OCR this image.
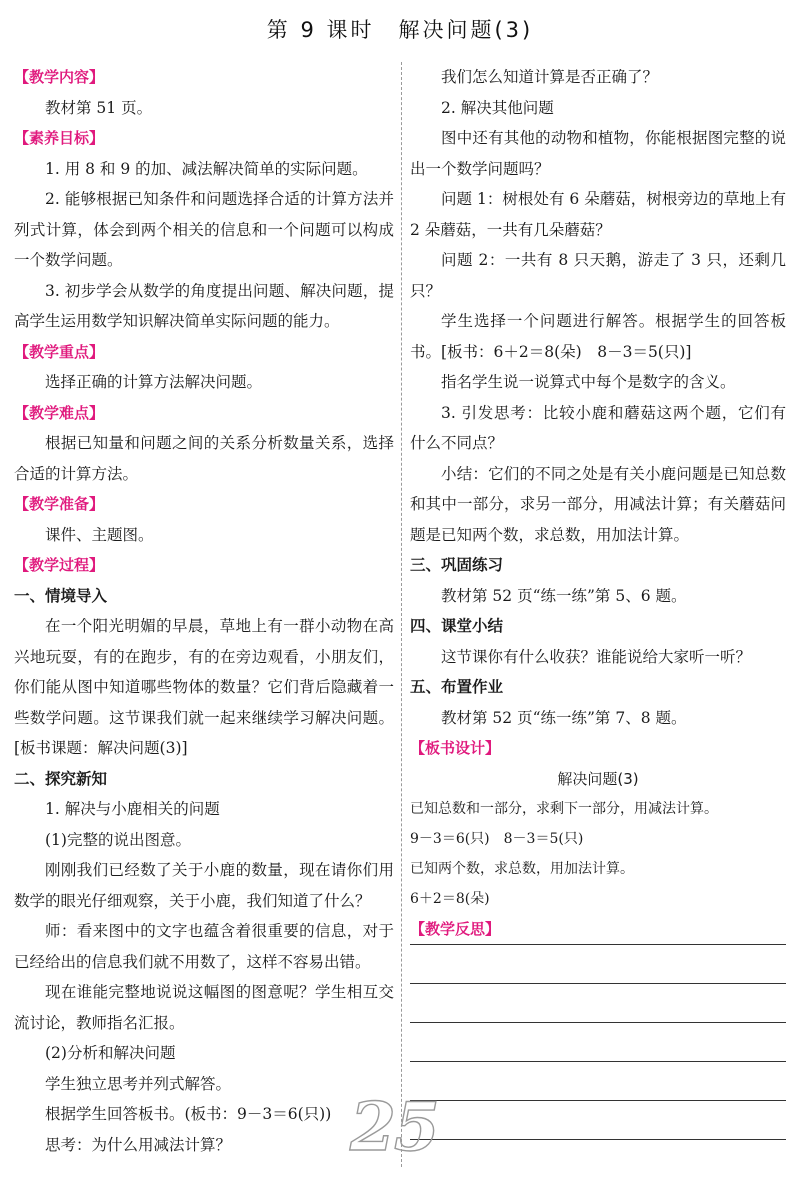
第 9 课时　解决问题(3)

【教学内容】

教材第 51 页。

【素养目标】

1. 用 8 和 9 的加、减法解决简单的实际问题。

2. 能够根据已知条件和问题选择合适的计算方法并列式计算，体会到两个相关的信息和一个问题可以构成一个数学问题。

3. 初步学会从数学的角度提出问题、解决问题，提高学生运用数学知识解决简单实际问题的能力。

【教学重点】

选择正确的计算方法解决问题。

【教学难点】

根据已知量和问题之间的关系分析数量关系，选择合适的计算方法。

【教学准备】

课件、主题图。

【教学过程】

一、情境导入

在一个阳光明媚的早晨，草地上有一群小动物在高兴地玩耍，有的在跑步，有的在旁边观看，小朋友们，你们能从图中知道哪些物体的数量？它们背后隐藏着一些数学问题。这节课我们就一起来继续学习解决问题。[板书课题：解决问题(3)]

二、探究新知

1. 解决与小鹿相关的问题

(1)完整的说出图意。

刚刚我们已经数了关于小鹿的数量，现在请你们用数学的眼光仔细观察，关于小鹿，我们知道了什么？

师：看来图中的文字也蕴含着很重要的信息，对于已经给出的信息我们就不用数了，这样不容易出错。

现在谁能完整地说说这幅图的图意呢？学生相互交流讨论，教师指名汇报。

(2)分析和解决问题

学生独立思考并列式解答。

根据学生回答板书。(板书：9－3＝6(只))

思考：为什么用减法计算？

我们怎么知道计算是否正确了？

2. 解决其他问题

图中还有其他的动物和植物，你能根据图完整的说出一个数学问题吗？

问题 1：树根处有 6 朵蘑菇，树根旁边的草地上有 2 朵蘑菇，一共有几朵蘑菇？

问题 2：一共有 8 只天鹅，游走了 3 只，还剩几只？

学生选择一个问题进行解答。根据学生的回答板书。[板书：6＋2＝8(朵)　8－3＝5(只)]

指名学生说一说算式中每个是数字的含义。

3. 引发思考：比较小鹿和蘑菇这两个题，它们有什么不同点？

小结：它们的不同之处是有关小鹿问题是已知总数和其中一部分，求另一部分，用减法计算；有关蘑菇问题是已知两个数，求总数，用加法计算。

三、巩固练习

教材第 52 页“练一练”第 5、6 题。

四、课堂小结

这节课你有什么收获？谁能说给大家听一听？

五、布置作业

教材第 52 页“练一练”第 7、8 题。

【板书设计】

解决问题(3)

已知总数和一部分，求剩下一部分，用减法计算。

9－3＝6(只)　8－3＝5(只)

已知两个数，求总数，用加法计算。

6＋2＝8(朵)

【教学反思】

25
